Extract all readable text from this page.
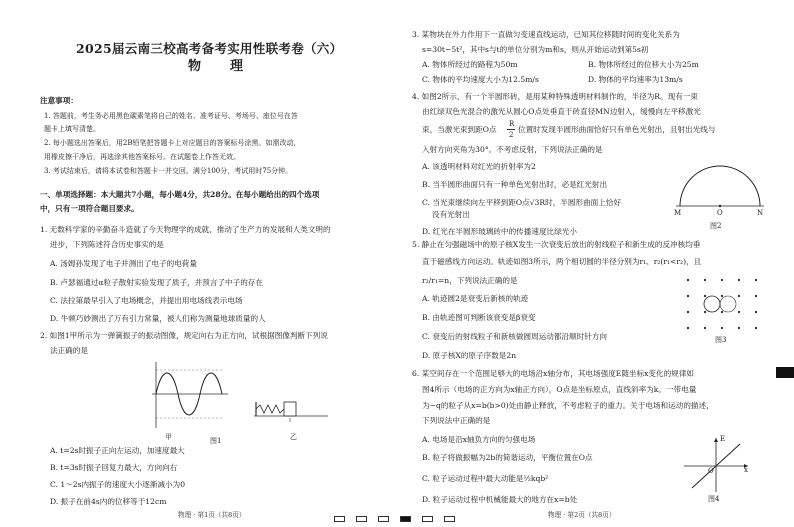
2025届云南三校高考备考实用性联考卷（六）
物　理
注意事项：
1. 答题前，考生务必用黑色碳素笔将自己的姓名、准考证号、考场号、座位号在答
题卡上填写清楚。
2. 每小题选出答案后，用2B铅笔把答题卡上对应题目的答案标号涂黑。如需改动，
用橡皮擦干净后，再选涂其他答案标号。在试题卷上作答无效。
3. 考试结束后，请将本试卷和答题卡一并交回。满分100分，考试用时75分钟。
一、单项选择题：本大题共7小题，每小题4分，共28分。在每小题给出的四个选项
中，只有一项符合题目要求。
1. 无数科学家的辛勤奋斗造就了今天物理学的成就，推动了生产力的发展和人类文明的
进步，下列陈述符合历史事实的是
A. 汤姆孙发现了电子并测出了电子的电荷量
B. 卢瑟福通过α粒子散射实验发现了质子，并预言了中子的存在
C. 法拉第最早引入了电场概念，并提出用电场线表示电场
D. 牛顿巧妙测出了万有引力常量，被人们称为测量地球质量的人
2. 如图1甲所示为一弹簧振子的振动图像，规定向右为正方向，试根据图像判断下列说
法正确的是
甲	乙
图1
A. t=2s时振子正向左运动，加速度最大
B. t=3s时振子回复力最大，方向向右
C. 1～2s内振子的速度大小逐渐减小为0
D. 振子在前4s内的位移等于12cm
物理 · 第1页（共8页）

3. 某物块在外力作用下一直做匀变速直线运动，已知其位移随时间的变化关系为
s=30t−5t²，其中s与t的单位分别为m和s，则从开始运动到第5s初
A. 物体所经过的路程为50m	B. 物体所经过的位移大小为25m
C. 物体的平均速度大小为12.5m/s	D. 物体的平均速率为13m/s
4. 如图2所示，有一个半圆形砖，是用某种特殊透明材料制作的，半径为R。现有一束
由红绿双色光混合的激光从圆心O点处垂直于砖直径MN边射入，缓慢向左平移激光
束，当激光束到距O点
R
2
位置时发现半圆形曲面恰好只有单色光射出，且射出光线与
入射方向夹角为30°。不考虑反射，下列说法正确的是
A. 该透明材料对红光的折射率为2
B. 当半圆形曲面只有一种单色光射出时，必是红光射出
C. 当光束继续向左平移到距O点√3R时，半圆形曲面上恰好
没有光射出
D. 红光在半圆形玻璃砖中的传播速度比绿光小
M	O	N
图2
5. 静止在匀强磁场中的原子核X发生一次衰变后放出的射线粒子和新生成的反冲核均垂
直于磁感线方向运动。轨迹如图3所示，两个相切圆的半径分别为r₁、r₂(r₁<r₂)，且
r₂/r₁=n，下列说法正确的是
A. 轨迹圆2是衰变后新核的轨迹
B. 由轨迹图可判断该衰变是β衰变
C. 衰变后的射线粒子和新核做圆周运动都沿顺时针方向
D. 原子核X的原子序数是2n
图3
6. 某空间存在一个范围足够大的电场沿x轴分布，其电场强度E随坐标x变化的规律如
图4所示（电场的正方向为x轴正方向），O点是坐标原点，直线斜率为k。一带电量
为−q的粒子从x=b(b>0)处由静止释放，不考虑粒子的重力。关于电场和运动的描述，
下列说法中正确的是
A. 电场是沿x轴负方向的匀强电场
B. 粒子将做振幅为2b的简谐运动，平衡位置在O点
C. 粒子运动过程中最大动能是½kqb²
D. 粒子运动过程中机械能最大的地方在x=b处
E
x
O
图4
物理 · 第2页（共8页）
